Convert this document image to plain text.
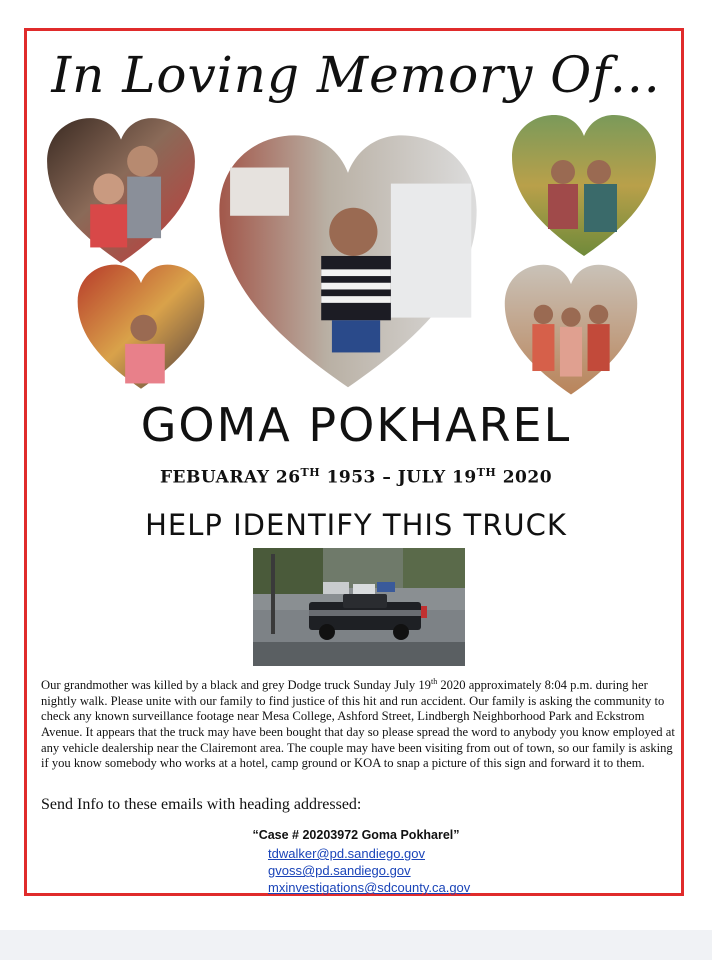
In Loving Memory Of...
GOMA POKHAREL
FEBUARAY 26TH 1953 – JULY 19TH 2020
HELP IDENTIFY THIS TRUCK

Our grandmother was killed by a black and grey Dodge truck Sunday July 19th 2020 approximately 8:04 p.m. during her nightly walk. Please unite with our family to find justice of this hit and run accident. Our family is asking the community to check any known surveillance footage near Mesa College, Ashford Street, Lindbergh Neighborhood Park and Eckstrom Avenue. It appears that the truck may have been bought that day so please spread the word to anybody you know employed at any vehicle dealership near the Clairemont area. The couple may have been visiting from out of town, so our family is asking if you know somebody who works at a hotel, camp ground or KOA to snap a picture of this sign and forward it to them.

Send Info to these emails with heading addressed:
“Case # 20203972 Goma Pokharel”
tdwalker@pd.sandiego.gov
gvoss@pd.sandiego.gov
mxinvestigations@sdcounty.ca.gov
